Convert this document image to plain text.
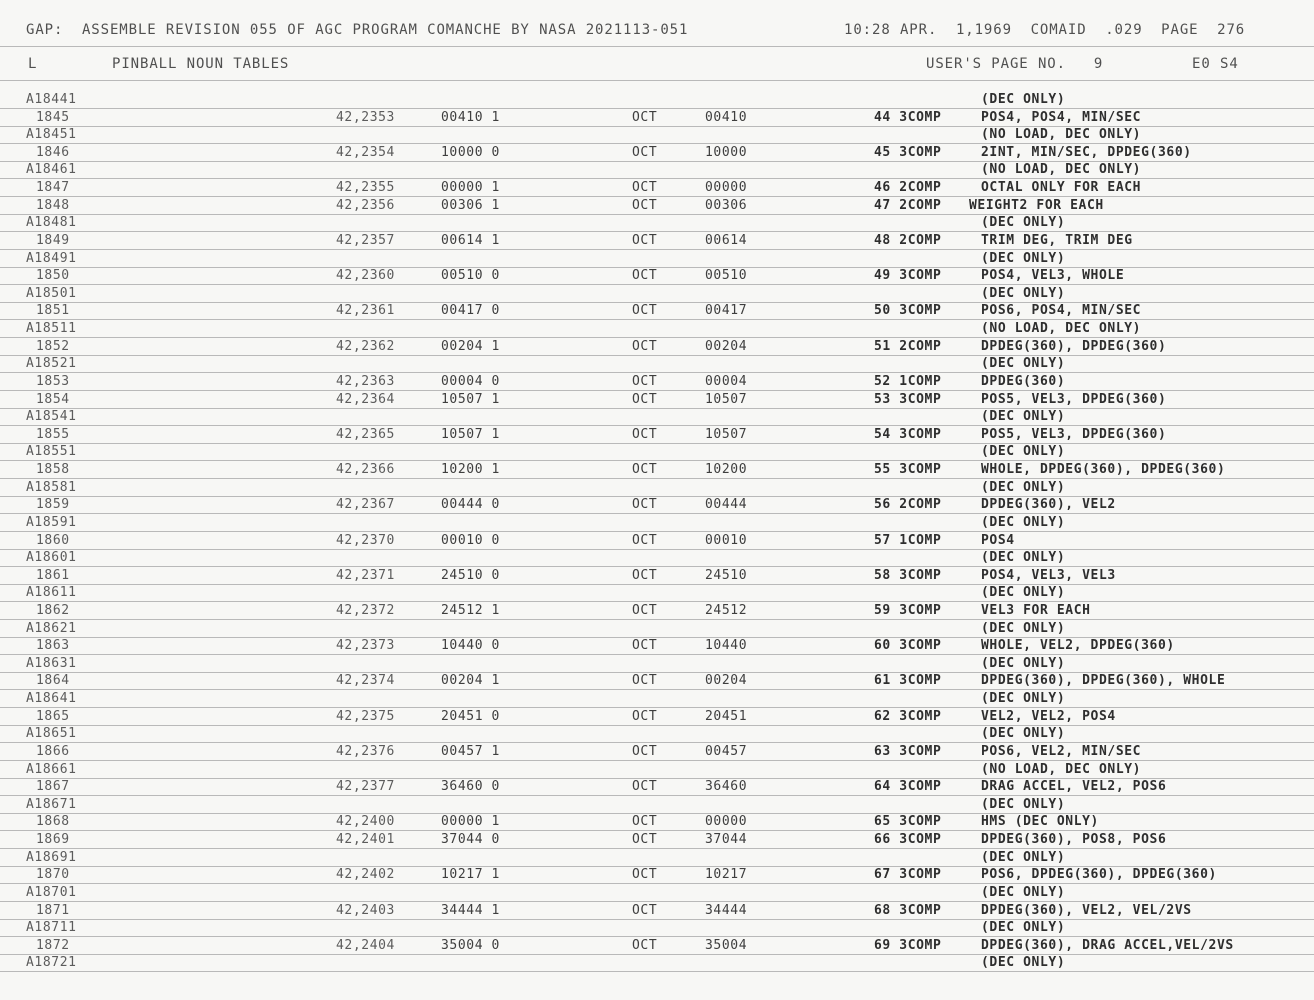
GAP:  ASSEMBLE REVISION 055 OF AGC PROGRAM COMANCHE BY NASA 2021113-051	10:28 APR.  1,1969  COMAID  .029  PAGE  276
L	PINBALL NOUN TABLES	USER'S PAGE NO.   9	E0 S4
A18441	(DEC ONLY)
1845	42,2353	00410 1	OCT	00410	44 3COMP	POS4, POS4, MIN/SEC
A18451	(NO LOAD, DEC ONLY)
1846	42,2354	10000 0	OCT	10000	45 3COMP	2INT, MIN/SEC, DPDEG(360)
A18461	(NO LOAD, DEC ONLY)
1847	42,2355	00000 1	OCT	00000	46 2COMP	OCTAL ONLY FOR EACH
1848	42,2356	00306 1	OCT	00306	47 2COMP WEIGHT2 FOR EACH
A18481	(DEC ONLY)
1849	42,2357	00614 1	OCT	00614	48 2COMP	TRIM DEG, TRIM DEG
A18491	(DEC ONLY)
1850	42,2360	00510 0	OCT	00510	49 3COMP	POS4, VEL3, WHOLE
A18501	(DEC ONLY)
1851	42,2361	00417 0	OCT	00417	50 3COMP	POS6, POS4, MIN/SEC
A18511	(NO LOAD, DEC ONLY)
1852	42,2362	00204 1	OCT	00204	51 2COMP	DPDEG(360), DPDEG(360)
A18521	(DEC ONLY)
1853	42,2363	00004 0	OCT	00004	52 1COMP	DPDEG(360)
1854	42,2364	10507 1	OCT	10507	53 3COMP	POS5, VEL3, DPDEG(360)
A18541	(DEC ONLY)
1855	42,2365	10507 1	OCT	10507	54 3COMP	POS5, VEL3, DPDEG(360)
A18551	(DEC ONLY)
1858	42,2366	10200 1	OCT	10200	55 3COMP	WHOLE, DPDEG(360), DPDEG(360)
A18581	(DEC ONLY)
1859	42,2367	00444 0	OCT	00444	56 2COMP	DPDEG(360), VEL2
A18591	(DEC ONLY)
1860	42,2370	00010 0	OCT	00010	57 1COMP	POS4
A18601	(DEC ONLY)
1861	42,2371	24510 0	OCT	24510	58 3COMP	POS4, VEL3, VEL3
A18611	(DEC ONLY)
1862	42,2372	24512 1	OCT	24512	59 3COMP	VEL3 FOR EACH
A18621	(DEC ONLY)
1863	42,2373	10440 0	OCT	10440	60 3COMP	WHOLE, VEL2, DPDEG(360)
A18631	(DEC ONLY)
1864	42,2374	00204 1	OCT	00204	61 3COMP	DPDEG(360), DPDEG(360), WHOLE
A18641	(DEC ONLY)
1865	42,2375	20451 0	OCT	20451	62 3COMP	VEL2, VEL2, POS4
A18651	(DEC ONLY)
1866	42,2376	00457 1	OCT	00457	63 3COMP	POS6, VEL2, MIN/SEC
A18661	(NO LOAD, DEC ONLY)
1867	42,2377	36460 0	OCT	36460	64 3COMP	DRAG ACCEL, VEL2, POS6
A18671	(DEC ONLY)
1868	42,2400	00000 1	OCT	00000	65 3COMP	HMS (DEC ONLY)
1869	42,2401	37044 0	OCT	37044	66 3COMP	DPDEG(360), POS8, POS6
A18691	(DEC ONLY)
1870	42,2402	10217 1	OCT	10217	67 3COMP	POS6, DPDEG(360), DPDEG(360)
A18701	(DEC ONLY)
1871	42,2403	34444 1	OCT	34444	68 3COMP	DPDEG(360), VEL2, VEL/2VS
A18711	(DEC ONLY)
1872	42,2404	35004 0	OCT	35004	69 3COMP	DPDEG(360), DRAG ACCEL,VEL/2VS
A18721	(DEC ONLY)
